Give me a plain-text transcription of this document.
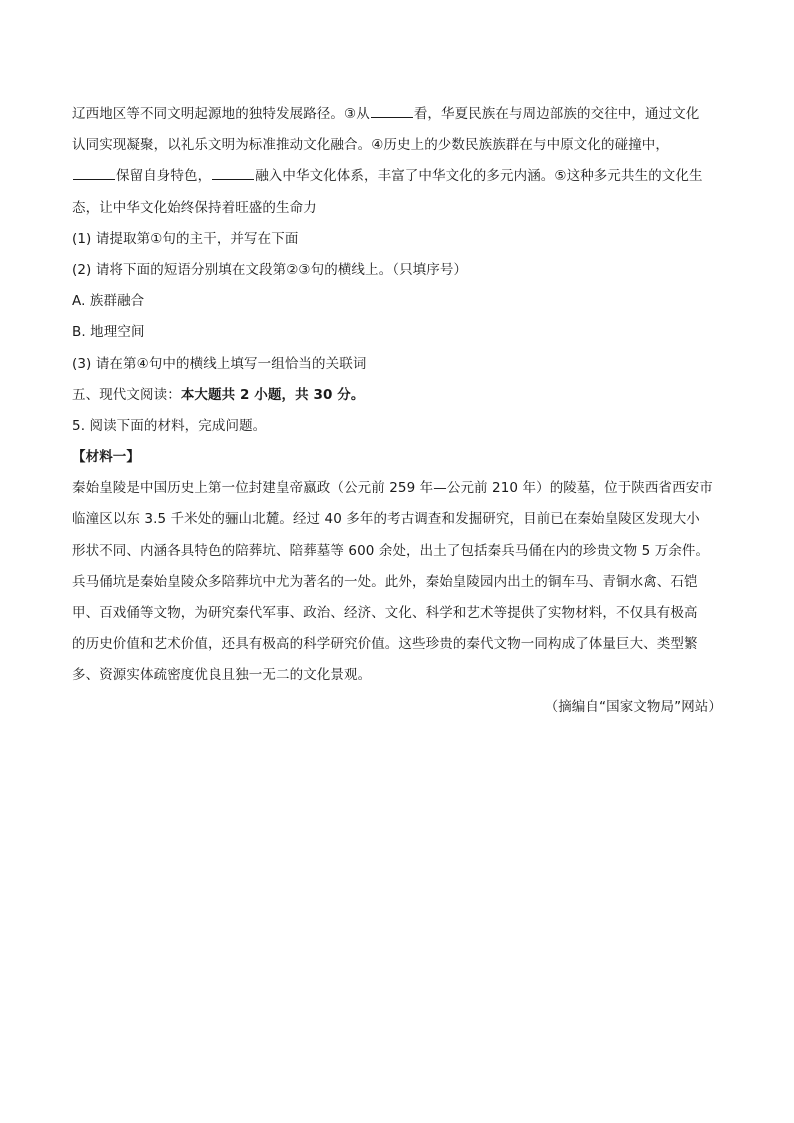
辽西地区等不同文明起源地的独特发展路径。③从	看，华夏民族在与周边部族的交往中，通过文化
认同实现凝聚，以礼乐文明为标准推动文化融合。④历史上的少数民族族群在与中原文化的碰撞中，
保留自身特色，	融入中华文化体系，丰富了中华文化的多元内涵。⑤这种多元共生的文化生
态，让中华文化始终保持着旺盛的生命力
(1) 请提取第①句的主干，并写在下面
(2) 请将下面的短语分别填在文段第②③句的横线上。（只填序号）
A. 族群融合
B. 地理空间
(3) 请在第④句中的横线上填写一组恰当的关联词
五、现代文阅读：本大题共 2 小题，共 30 分。
5. 阅读下面的材料，完成问题。
【材料一】
秦始皇陵是中国历史上第一位封建皇帝嬴政（公元前 259 年—公元前 210 年）的陵墓，位于陕西省西安市
临潼区以东 3.5 千米处的骊山北麓。经过 40 多年的考古调查和发掘研究，目前已在秦始皇陵区发现大小
形状不同、内涵各具特色的陪葬坑、陪葬墓等 600 余处，出土了包括秦兵马俑在内的珍贵文物 5 万余件。
兵马俑坑是秦始皇陵众多陪葬坑中尤为著名的一处。此外，秦始皇陵园内出土的铜车马、青铜水禽、石铠
甲、百戏俑等文物，为研究秦代军事、政治、经济、文化、科学和艺术等提供了实物材料，不仅具有极高
的历史价值和艺术价值，还具有极高的科学研究价值。这些珍贵的秦代文物一同构成了体量巨大、类型繁
多、资源实体疏密度优良且独一无二的文化景观。
（摘编自“国家文物局”网站）
